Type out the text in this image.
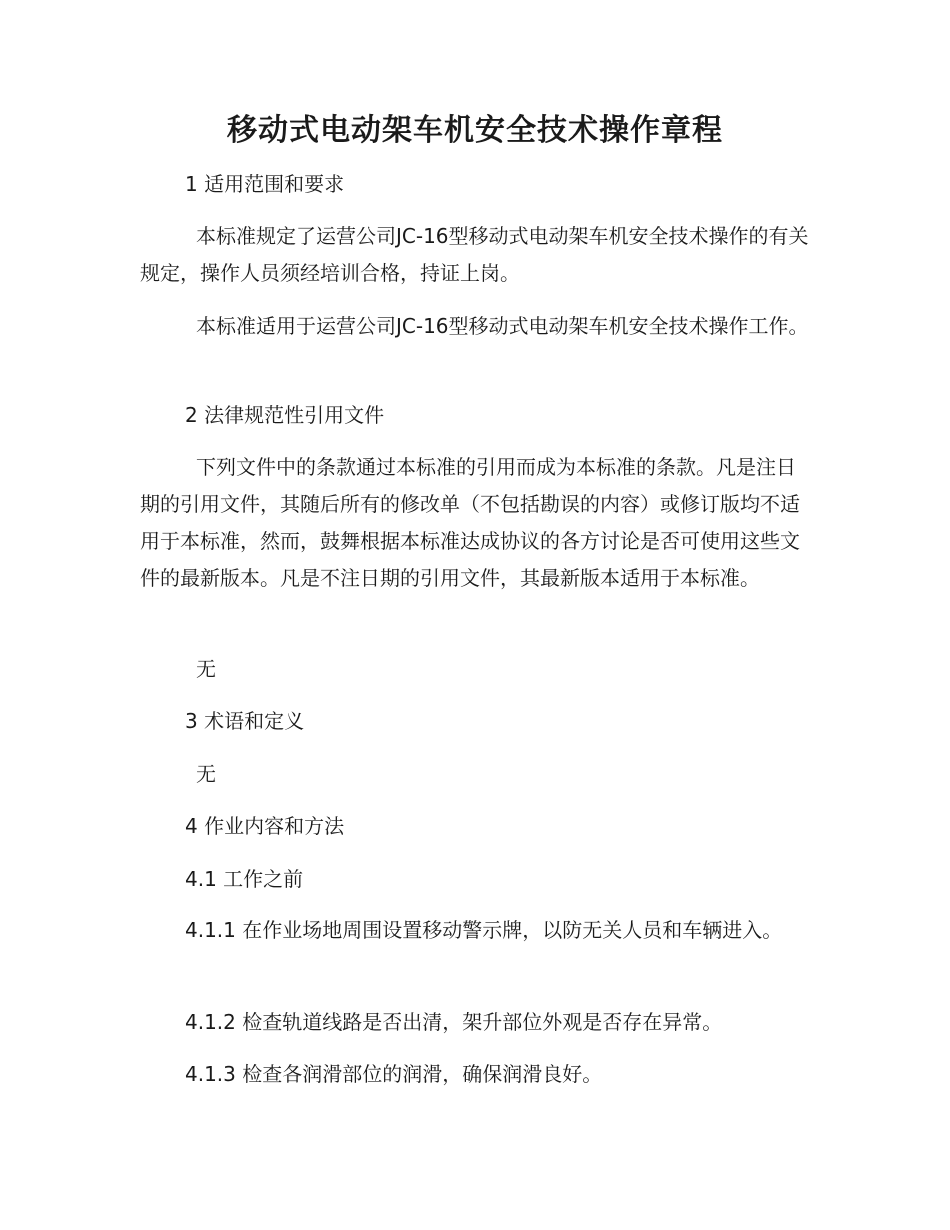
移动式电动架车机安全技术操作章程

1 适用范围和要求

本标准规定了运营公司JC-16型移动式电动架车机安全技术操作的有关规定，操作人员须经培训合格，持证上岗。

本标准适用于运营公司JC-16型移动式电动架车机安全技术操作工作。

2 法律规范性引用文件

下列文件中的条款通过本标准的引用而成为本标准的条款。凡是注日期的引用文件，其随后所有的修改单（不包括勘误的内容）或修订版均不适用于本标准，然而，鼓舞根据本标准达成协议的各方讨论是否可使用这些文件的最新版本。凡是不注日期的引用文件，其最新版本适用于本标准。

无

3 术语和定义

无

4 作业内容和方法

4.1 工作之前

4.1.1 在作业场地周围设置移动警示牌，以防无关人员和车辆进入。

4.1.2 检查轨道线路是否出清，架升部位外观是否存在异常。

4.1.3 检查各润滑部位的润滑，确保润滑良好。
